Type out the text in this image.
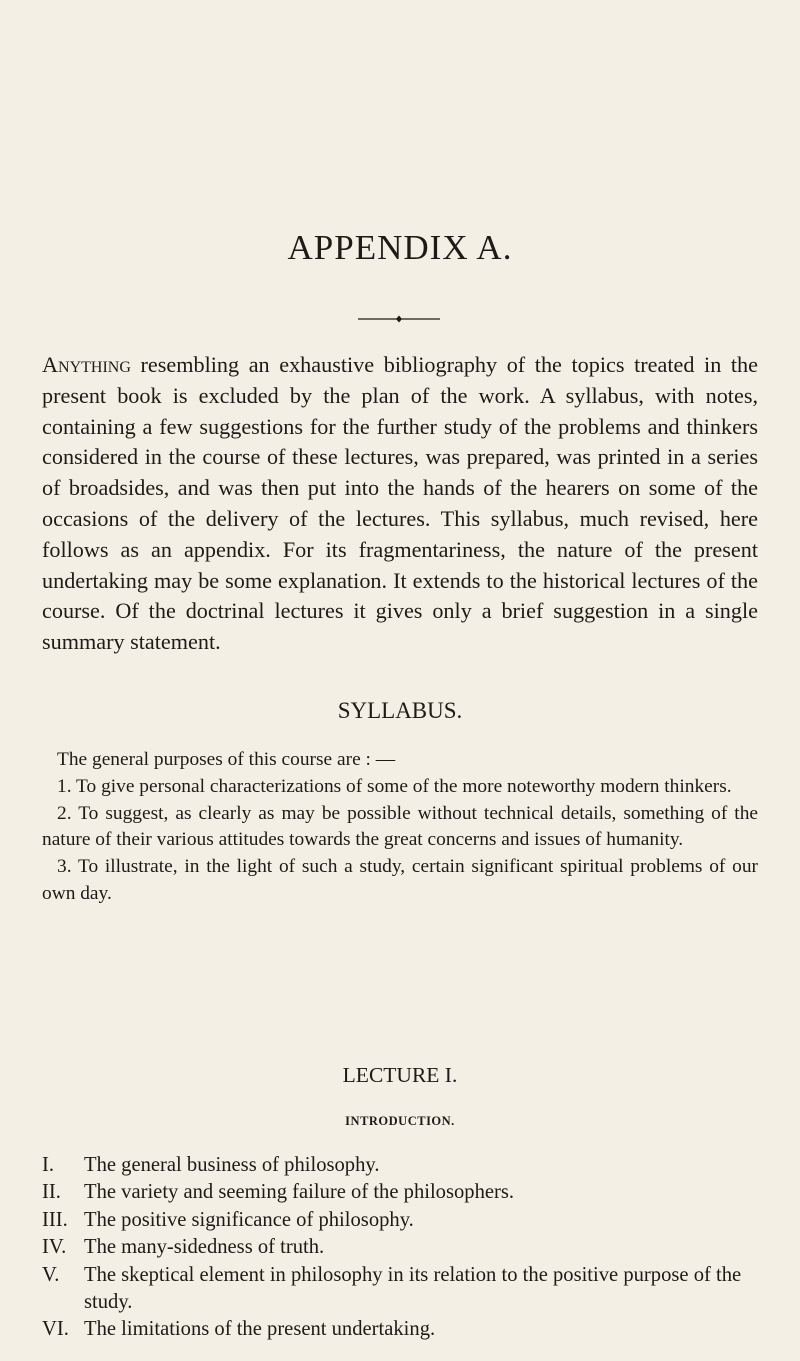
APPENDIX A.

Anything resembling an exhaustive bibliography of the topics treated in the present book is excluded by the plan of the work. A syllabus, with notes, containing a few suggestions for the further study of the problems and thinkers considered in the course of these lectures, was prepared, was printed in a series of broadsides, and was then put into the hands of the hearers on some of the occasions of the delivery of the lectures. This syllabus, much revised, here follows as an appendix. For its fragmentariness, the nature of the present undertaking may be some explanation. It extends to the historical lectures of the course. Of the doctrinal lectures it gives only a brief suggestion in a single summary statement.

SYLLABUS.

The general purposes of this course are : —

1. To give personal characterizations of some of the more noteworthy modern thinkers.

2. To suggest, as clearly as may be possible without technical details, something of the nature of their various attitudes towards the great concerns and issues of humanity.

3. To illustrate, in the light of such a study, certain significant spiritual problems of our own day.

LECTURE I.
INTRODUCTION.
I. The general business of philosophy.
II. The variety and seeming failure of the philosophers.
III. The positive significance of philosophy.
IV. The many-sidedness of truth.
V. The skeptical element in philosophy in its relation to the positive purpose of the study.
VI. The limitations of the present undertaking.
